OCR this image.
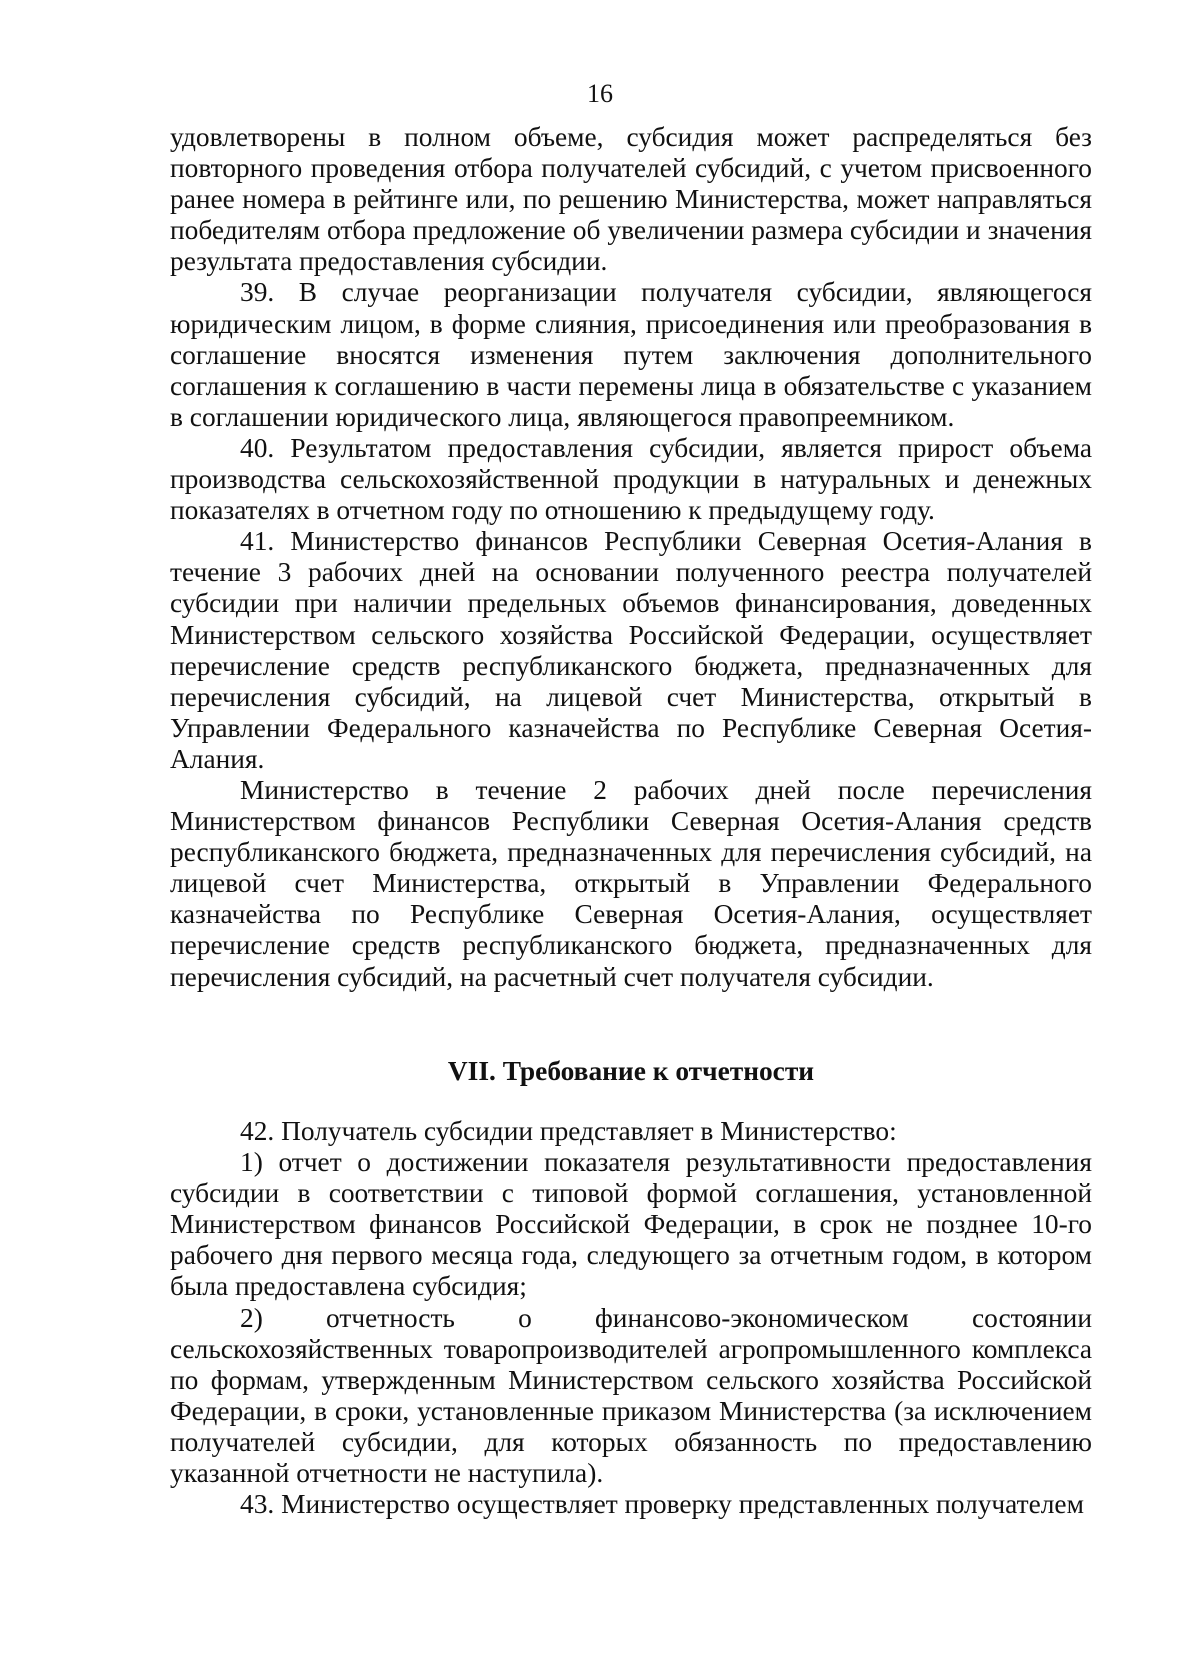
16

удовлетворены в полном объеме, субсидия может распределяться без повторного проведения отбора получателей субсидий, с учетом присвоенного ранее номера в рейтинге или, по решению Министерства, может направляться победителям отбора предложение об увеличении размера субсидии и значения результата предоставления субсидии.

39. В случае реорганизации получателя субсидии, являющегося юридическим лицом, в форме слияния, присоединения или преобразования в соглашение вносятся изменения путем заключения дополнительного соглашения к соглашению в части перемены лица в обязательстве с указанием в соглашении юридического лица, являющегося правопреемником.

40. Результатом предоставления субсидии, является прирост объема производства сельскохозяйственной продукции в натуральных и денежных показателях в отчетном году по отношению к предыдущему году.

41. Министерство финансов Республики Северная Осетия-Алания в течение 3 рабочих дней на основании полученного реестра получателей субсидии при наличии предельных объемов финансирования, доведенных Министерством сельского хозяйства Российской Федерации, осуществляет перечисление средств республиканского бюджета, предназначенных для перечисления субсидий, на лицевой счет Министерства, открытый в Управлении Федерального казначейства по Республике Северная Осетия-Алания.

Министерство в течение 2 рабочих дней после перечисления Министерством финансов Республики Северная Осетия-Алания средств республиканского бюджета, предназначенных для перечисления субсидий, на лицевой счет Министерства, открытый в Управлении Федерального казначейства по Республике Северная Осетия-Алания, осуществляет перечисление средств республиканского бюджета, предназначенных для перечисления субсидий, на расчетный счет получателя субсидии.

VII. Требование к отчетности

42. Получатель субсидии представляет в Министерство:

1) отчет о достижении показателя результативности предоставления субсидии в соответствии с типовой формой соглашения, установленной Министерством финансов Российской Федерации, в срок не позднее 10-го рабочего дня первого месяца года, следующего за отчетным годом, в котором была предоставлена субсидия;

2) отчетность о финансово-экономическом состоянии сельскохозяйственных товаропроизводителей агропромышленного комплекса по формам, утвержденным Министерством сельского хозяйства Российской Федерации, в сроки, установленные приказом Министерства (за исключением получателей субсидии, для которых обязанность по предоставлению указанной отчетности не наступила).

43. Министерство осуществляет проверку представленных получателем
